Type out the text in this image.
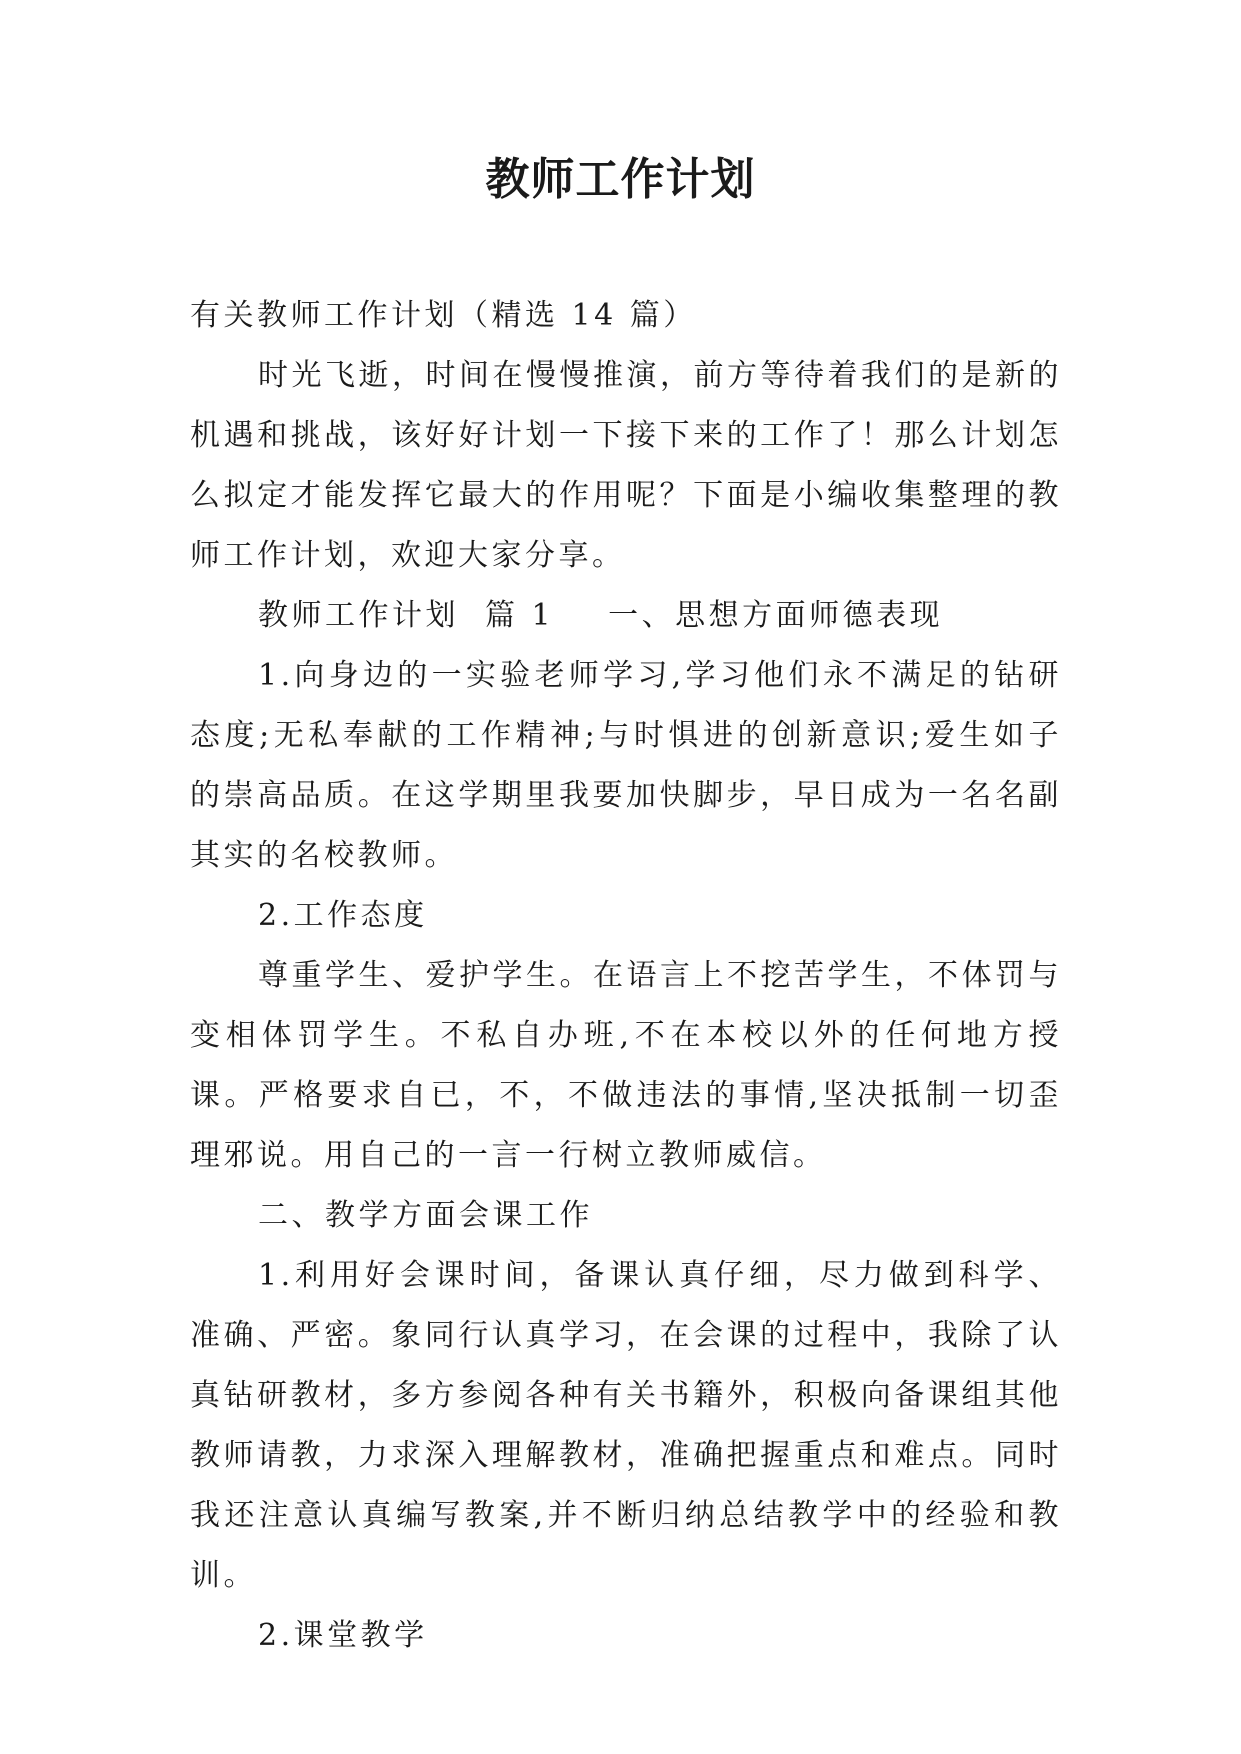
教师工作计划

有关教师工作计划（精选 14 篇）

时光飞逝，时间在慢慢推演，前方等待着我们的是新的机遇和挑战，该好好计划一下接下来的工作了！那么计划怎么拟定才能发挥它最大的作用呢？下面是小编收集整理的教师工作计划，欢迎大家分享。

教师工作计划 篇 1 一、思想方面师德表现

1.向身边的一实验老师学习,学习他们永不满足的钻研态度;无私奉献的工作精神;与时惧进的创新意识;爱生如子的崇高品质。在这学期里我要加快脚步，早日成为一名名副其实的名校教师。

2.工作态度

尊重学生、爱护学生。在语言上不挖苦学生，不体罚与变相体罚学生。不私自办班,不在本校以外的任何地方授课。严格要求自已，不，不做违法的事情,坚决抵制一切歪理邪说。用自己的一言一行树立教师威信。

二、教学方面会课工作

1.利用好会课时间，备课认真仔细，尽力做到科学、准确、严密。象同行认真学习，在会课的过程中，我除了认真钻研教材，多方参阅各种有关书籍外，积极向备课组其他教师请教，力求深入理解教材，准确把握重点和难点。同时我还注意认真编写教案,并不断归纳总结教学中的经验和教训。

2.课堂教学
